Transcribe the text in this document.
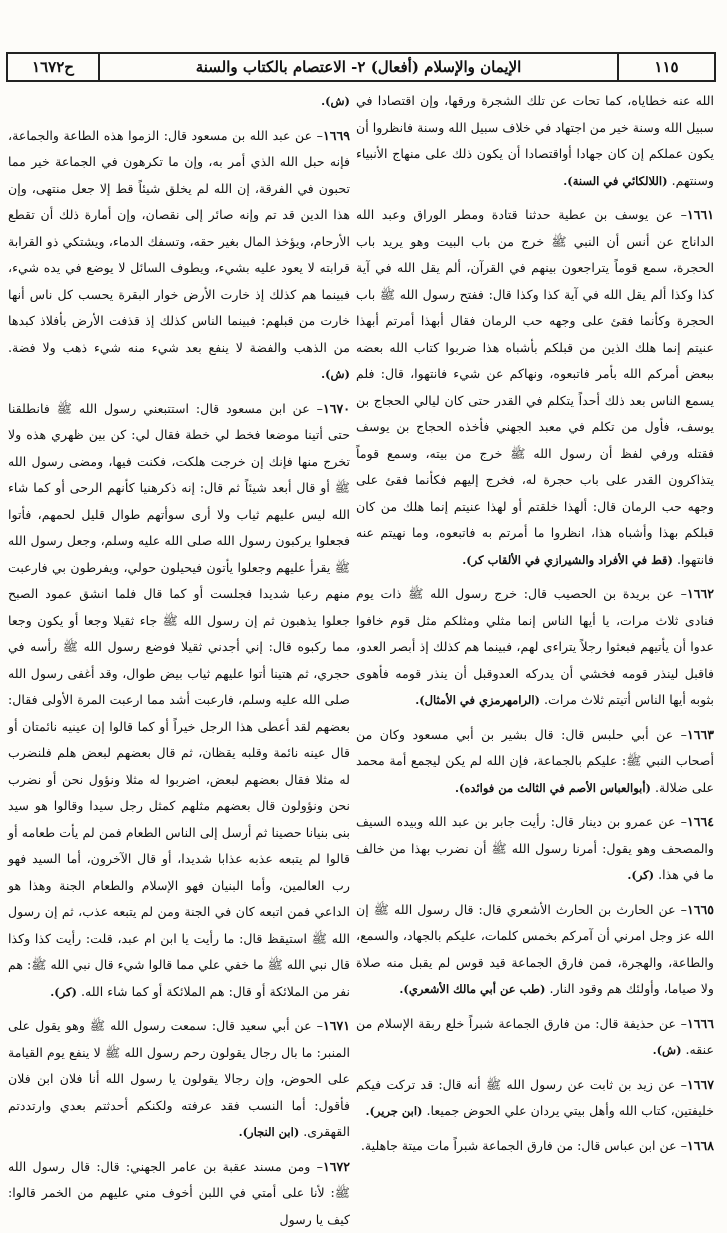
١١٥
الإيمان والإسلام (أفعال) ٢- الاعتصام بالكتاب والسنة
ح١٦٧٢

الله عنه خطاياه، كما تحات عن تلك الشجرة ورقها، وإن اقتصادا في سبيل الله وسنة خير من اجتهاد في خلاف سبيل الله وسنة فانظروا أن يكون عملكم إن كان جهادا أواقتصادا أن يكون ذلك على منهاج الأنبياء وسنتهم. (اللالكائي في السنة).

١٦٦١– عن يوسف بن عطية حدثنا قتادة ومطر الوراق وعبد الله الداناج عن أنس أن النبي ﷺ خرج من باب البيت وهو يريد باب الحجرة، سمع قوماً يتراجعون بينهم في القرآن، ألم يقل الله في آية كذا وكذا ألم يقل الله في آية كذا وكذا قال: ففتح رسول الله ﷺ باب الحجرة وكأنما فقئ على وجهه حب الرمان فقال أبهذا أمرتم أبهذا عنيتم إنما هلك الذين من قبلكم بأشباه هذا ضربوا كتاب الله بعضه ببعض أمركم الله بأمر فاتبعوه، ونهاكم عن شيء فانتهوا، قال: فلم يسمع الناس بعد ذلك أحداً يتكلم في القدر حتى كان ليالي الحجاج بن يوسف، فأول من تكلم في معبد الجهني فأخذه الحجاج بن يوسف فقتله ورفي لفظ أن رسول الله ﷺ خرج من بيته، وسمع قوماً يتذاكرون القدر على باب حجرة له، فخرج إليهم فكأنما فقئ على وجهه حب الرمان قال: ألهذا خلقتم أو لهذا عنيتم إنما هلك من كان قبلكم بهذا وأشباه هذا، انظروا ما أمرتم به فاتبعوه، وما نهيتم عنه فانتهوا. (قط في الأفراد والشيرازي في الألقاب كر).

١٦٦٢– عن بريدة بن الحصيب قال: خرج رسول الله ﷺ ذات يوم فنادى ثلاث مرات، يا أيها الناس إنما مثلي ومثلكم مثل قوم خافوا عدوا أن يأتيهم فبعثوا رجلاً يتراءى لهم، فبينما هم كذلك إذ أبصر العدو، فاقبل لينذر قومه فخشي أن يدركه العدوقبل أن ينذر قومه فأهوى بثوبه أيها الناس أتيتم ثلاث مرات. (الرامهرمزي في الأمثال).

١٦٦٣– عن أبي حلبس قال: قال بشير بن أبي مسعود وكان من أصحاب النبي ﷺ: عليكم بالجماعة، فإن الله لم يكن ليجمع أمة محمد على ضلالة. (أبوالعباس الأصم في الثالث من فوائده).

١٦٦٤– عن عمرو بن دينار قال: رأيت جابر بن عبد الله وبيده السيف والمصحف وهو يقول: أمرنا رسول الله ﷺ أن نضرب بهذا من خالف ما في هذا. (كر).

١٦٦٥– عن الحارث بن الحارث الأشعري قال: قال رسول الله ﷺ إن الله عز وجل امرني أن آمركم بخمس كلمات، عليكم بالجهاد، والسمع، والطاعة، والهجرة، فمن فارق الجماعة قيد قوس لم يقبل منه صلاة ولا صياما، وأولئك هم وقود النار. (طب عن أبي مالك الأشعري).

١٦٦٦– عن حذيفة قال: من فارق الجماعة شبراً خلع ربقة الإسلام من عنقه. (ش).

١٦٦٧– عن زيد بن ثابت عن رسول الله ﷺ أنه قال: قد تركت فيكم خليفتين، كتاب الله وأهل بيتي يردان علي الحوض جميعا. (ابن جرير).

١٦٦٨– عن ابن عباس قال: من فارق الجماعة شبراً مات ميتة جاهلية.

(ش).

١٦٦٩– عن عبد الله بن مسعود قال: الزموا هذه الطاعة والجماعة، فإنه حبل الله الذي أمر به، وإن ما تكرهون في الجماعة خير مما تحبون في الفرقة، إن الله لم يخلق شيئاً قط إلا جعل منتهى، وإن هذا الدين قد تم وإنه صائر إلى نقصان، وإن أمارة ذلك أن تقطع الأرحام، ويؤخذ المال بغير حقه، وتسفك الدماء، ويشتكي ذو القرابة قرابته لا يعود عليه بشيء، ويطوف السائل لا يوضع في يده شيء، فبينما هم كذلك إذ خارت الأرض خوار البقرة يحسب كل ناس أنها خارت من قبلهم: فبينما الناس كذلك إذ قذفت الأرض بأفلاذ كبدها من الذهب والفضة لا ينفع بعد شيء منه شيء ذهب ولا فضة. (ش).

١٦٧٠– عن ابن مسعود قال: استتبعني رسول الله ﷺ فانطلقنا حتى أتينا موضعا فخط لي خطة فقال لي: كن بين ظهري هذه ولا تخرج منها فإنك إن خرجت هلكت، فكنت فيها، ومضى رسول الله ﷺ أو قال أبعد شيئاً ثم قال: إنه ذكرهنيا كأنهم الرحى أو كما شاء الله ليس عليهم ثياب ولا أرى سوأتهم طوال قليل لحمهم، فأتوا فجعلوا يركبون رسول الله صلى الله عليه وسلم، وجعل رسول الله ﷺ يقرأ عليهم وجعلوا يأتون فيحيلون حولي، ويفرطون بي فارعبت منهم رعبا شديدا فجلست أو كما قال فلما انشق عمود الصبح جعلوا يذهبون ثم إن رسول الله ﷺ جاء ثقيلا وجعا أو يكون وجعا مما ركبوه قال: إني أجدني ثقيلا فوضع رسول الله ﷺ رأسه في حجري، ثم هتينا أتوا عليهم ثياب بيض طوال، وقد أغفى رسول الله صلى الله عليه وسلم، فارعبت أشد مما ارعبت المرة الأولى فقال: بعضهم لقد أعطى هذا الرجل خيراً أو كما قالوا إن عينيه نائمتان أو قال عينه نائمة وقلبه يقظان، ثم قال بعضهم لبعض هلم فلنضرب له مثلا فقال بعضهم لبعض، اضربوا له مثلا ونؤول نحن أو نضرب نحن ونؤولون قال بعضهم مثلهم كمثل رجل سيدا وقالوا هو سيد بنى بنيانا حصينا ثم أرسل إلى الناس الطعام فمن لم يأت طعامه أو قالوا لم يتبعه عذبه عذابا شديدا، أو قال الآخرون، أما السيد فهو رب العالمين، وأما البنيان فهو الإسلام والطعام الجنة وهذا هو الداعي فمن اتبعه كان في الجنة ومن لم يتبعه عذب، ثم إن رسول الله ﷺ استيقظ قال: ما رأيت يا ابن ام عبد، قلت: رأيت كذا وكذا قال نبي الله ﷺ ما خفي علي مما قالوا شيء قال نبي الله ﷺ: هم نفر من الملائكة أو قال: هم الملائكة أو كما شاء الله. (كر).

١٦٧١– عن أبي سعيد قال: سمعت رسول الله ﷺ وهو يقول على المنبر: ما بال رجال يقولون رحم رسول الله ﷺ لا ينفع يوم القيامة على الحوض، وإن رجالا يقولون يا رسول الله أنا فلان ابن فلان فأقول: أما النسب فقد عرفته ولكنكم أحدثتم بعدي وارتددتم القهقرى. (ابن النجار).

١٦٧٢– ومن مسند عقبة بن عامر الجهني: قال: قال رسول الله ﷺ: لأنا على أمتي في اللبن أخوف مني عليهم من الخمر قالوا: كيف يا رسول
